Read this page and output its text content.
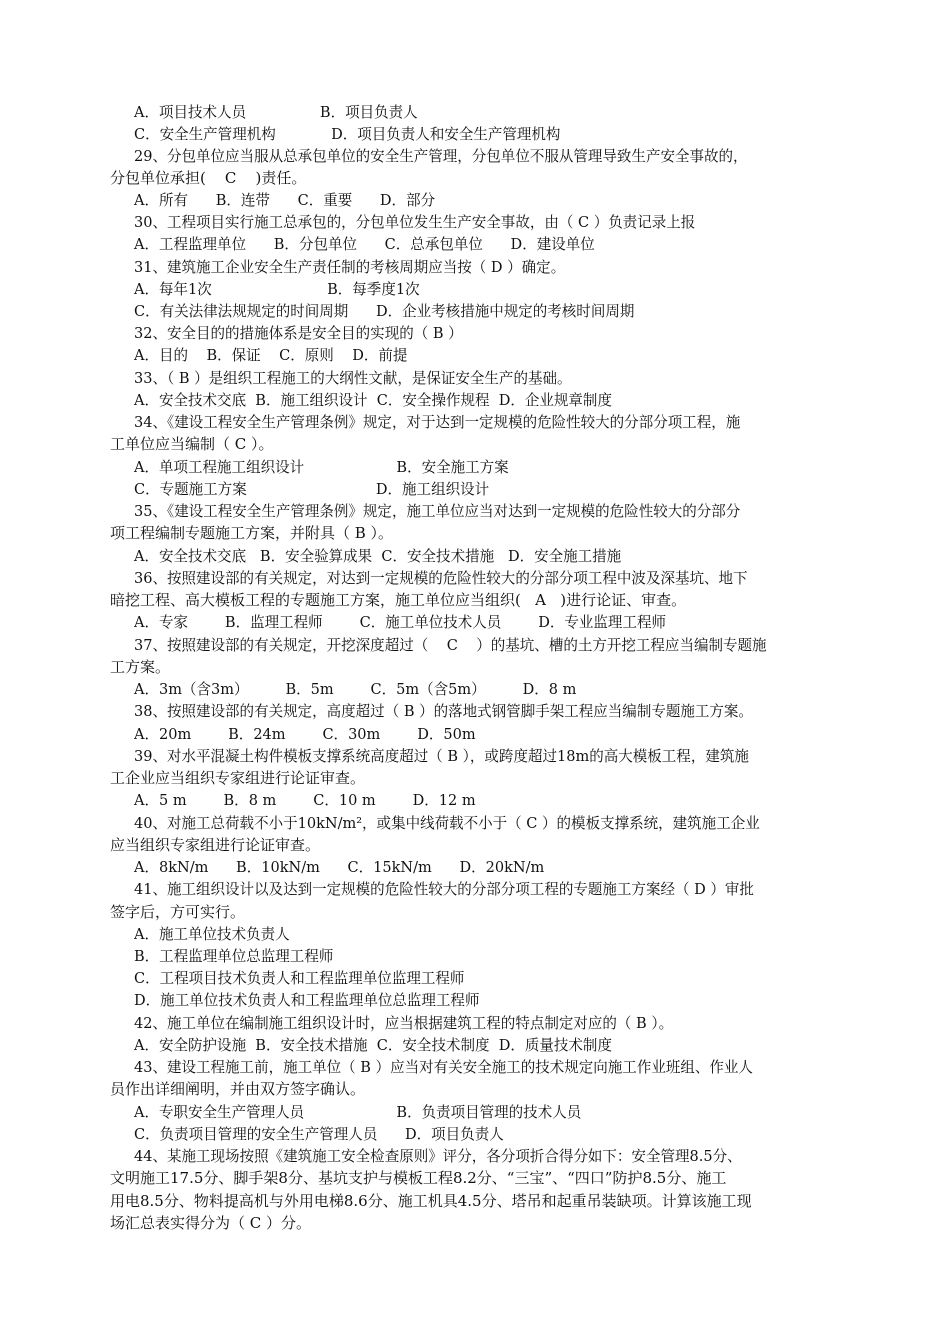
A．项目技术人员                B．项目负责人
C．安全生产管理机构            D．项目负责人和安全生产管理机构
29、分包单位应当服从总承包单位的安全生产管理，分包单位不服从管理导致生产安全事故的，
分包单位承担(    C    )责任。
A．所有      B．连带      C．重要      D．部分
30、工程项目实行施工总承包的，分包单位发生生产安全事故，由（ C ）负责记录上报
A．工程监理单位      B．分包单位      C．总承包单位      D．建设单位
31、建筑施工企业安全生产责任制的考核周期应当按（ D ）确定。
A．每年1次                         B．每季度1次
C．有关法律法规规定的时间周期      D．企业考核措施中规定的考核时间周期
32、安全目的的措施体系是安全目的实现的（ B ）
A．目的    B．保证    C．原则    D．前提
33、（ B ）是组织工程施工的大纲性文献，是保证安全生产的基础。
A．安全技术交底  B．施工组织设计  C．安全操作规程  D．企业规章制度
34、《建设工程安全生产管理条例》规定，对于达到一定规模的危险性较大的分部分项工程，施
工单位应当编制（ C ）。
A．单项工程施工组织设计                    B．安全施工方案
C．专题施工方案                            D．施工组织设计
35、《建设工程安全生产管理条例》规定，施工单位应当对达到一定规模的危险性较大的分部分
项工程编制专题施工方案，并附具（ B ）。
A．安全技术交底   B．安全验算成果  C．安全技术措施   D．安全施工措施
36、按照建设部的有关规定，对达到一定规模的危险性较大的分部分项工程中波及深基坑、地下
暗挖工程、高大模板工程的专题施工方案，施工单位应当组织(   A   )进行论证、审查。
A．专家        B．监理工程师        C．施工单位技术人员        D．专业监理工程师
37、按照建设部的有关规定，开挖深度超过（    C    ）的基坑、槽的土方开挖工程应当编制专题施
工方案。
A．3m（含3m）        B．5m        C．5m（含5m）        D．8 m
38、按照建设部的有关规定，高度超过（ B ）的落地式钢管脚手架工程应当编制专题施工方案。
A．20m        B．24m        C．30m        D．50m
39、对水平混凝土构件模板支撑系统高度超过（ B ），或跨度超过18m的高大模板工程，建筑施
工企业应当组织专家组进行论证审查。
A．5 m        B．8 m        C．10 m        D．12 m
40、对施工总荷载不小于10kN/m²，或集中线荷载不小于（ C ）的模板支撑系统，建筑施工企业
应当组织专家组进行论证审查。
A．8kN/m      B．10kN/m      C．15kN/m      D．20kN/m
41、施工组织设计以及达到一定规模的危险性较大的分部分项工程的专题施工方案经（ D ）审批
签字后，方可实行。
A．施工单位技术负责人
B．工程监理单位总监理工程师
C．工程项目技术负责人和工程监理单位监理工程师
D．施工单位技术负责人和工程监理单位总监理工程师
42、施工单位在编制施工组织设计时，应当根据建筑工程的特点制定对应的（ B ）。
A．安全防护设施  B．安全技术措施  C．安全技术制度  D．质量技术制度
43、建设工程施工前，施工单位（ B ）应当对有关安全施工的技术规定向施工作业班组、作业人
员作出详细阐明，并由双方签字确认。
A．专职安全生产管理人员                    B．负责项目管理的技术人员
C．负责项目管理的安全生产管理人员      D．项目负责人
44、某施工现场按照《建筑施工安全检查原则》评分，各分项折合得分如下：安全管理8.5分、
文明施工17.5分、脚手架8分、基坑支护与模板工程8.2分、“三宝”、“四口”防护8.5分、施工
用电8.5分、物料提高机与外用电梯8.6分、施工机具4.5分、塔吊和起重吊装缺项。计算该施工现
场汇总表实得分为（ C ）分。
